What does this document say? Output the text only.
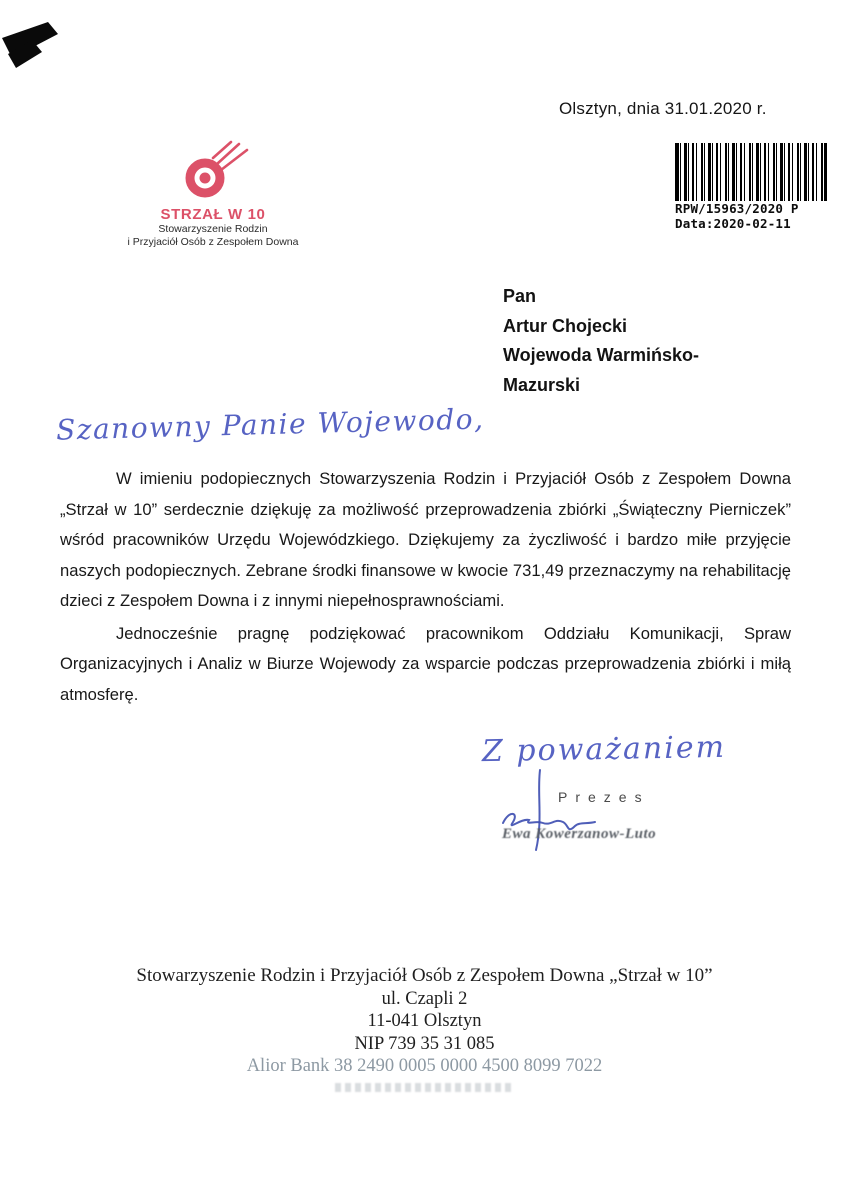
Olsztyn, dnia 31.01.2020 r.
STRZAŁ W 10
Stowarzyszenie Rodzin
i Przyjaciół Osób z Zespołem Downa
RPW/15963/2020 P
Data:2020-02-11
Pan
Artur Chojecki
Wojewoda Warmińsko-
Mazurski
Szanowny Panie Wojewodo,

W imieniu podopiecznych Stowarzyszenia Rodzin i Przyjaciół Osób z Zespołem Downa „Strzał w 10” serdecznie dziękuję za możliwość przeprowadzenia zbiórki „Świąteczny Pierniczek” wśród pracowników Urzędu Wojewódzkiego. Dziękujemy za życzliwość i bardzo miłe przyjęcie naszych podopiecznych. Zebrane środki finansowe w kwocie 731,49 przeznaczymy na rehabilitację dzieci z Zespołem Downa i z innymi niepełnosprawnościami.

Jednocześnie pragnę podziękować pracownikom Oddziału Komunikacji, Spraw Organizacyjnych i Analiz w Biurze Wojewody za wsparcie podczas przeprowadzenia zbiórki i miłą atmosferę.

Z poważaniem
Prezes
Ewa Kowerzanow-Luto
Stowarzyszenie Rodzin i Przyjaciół Osób z Zespołem Downa „Strzał w 10”
ul. Czapli 2
11-041 Olsztyn
NIP 739 35 31 085
Alior Bank 38 2490 0005 0000 4500 8099 7022
